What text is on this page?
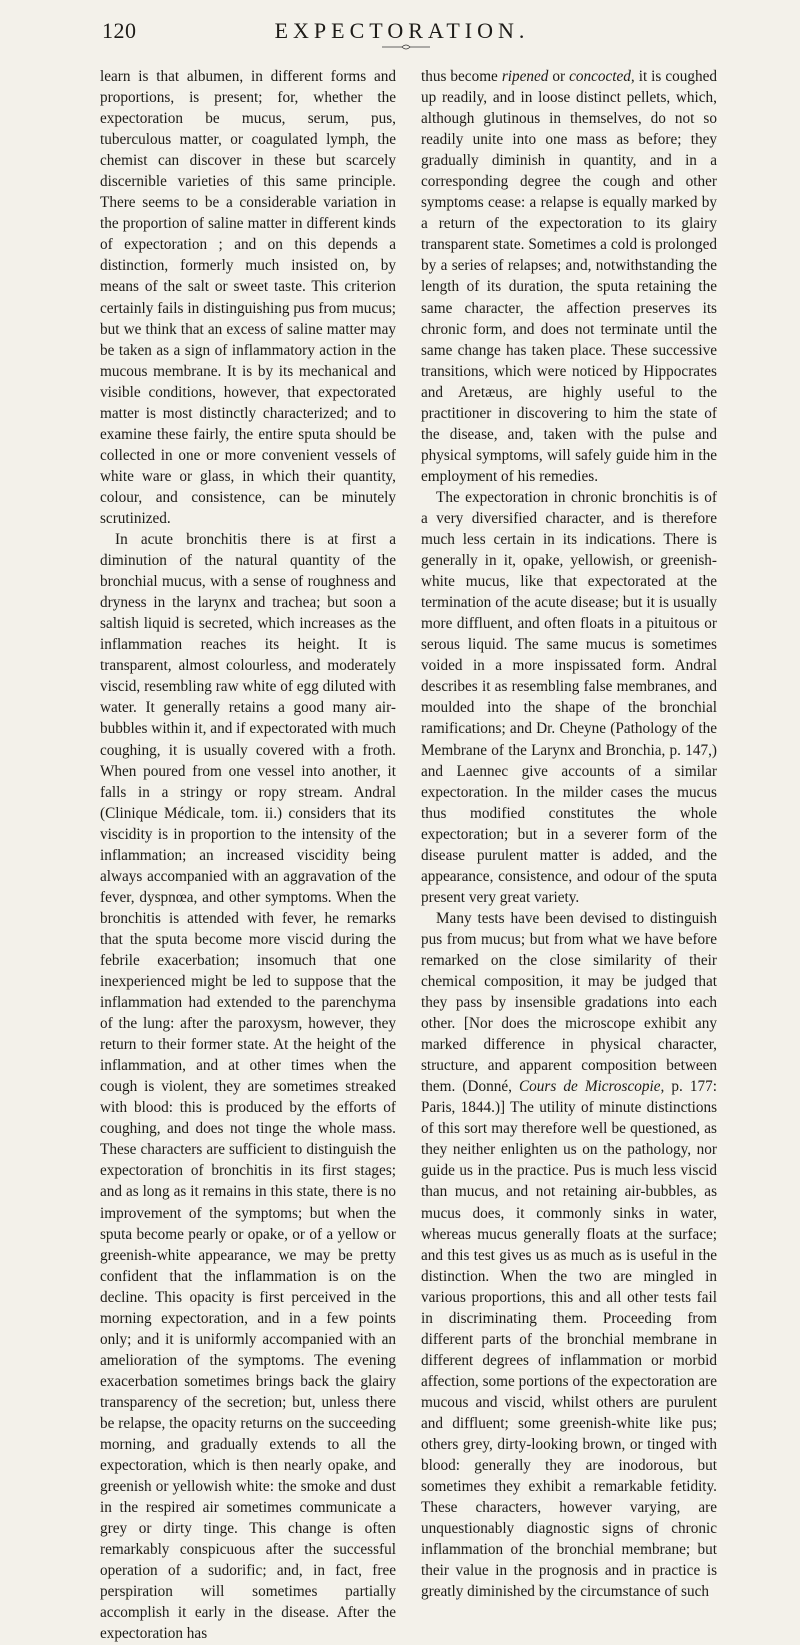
120	EXPECTORATION.

learn is that albumen, in different forms and proportions, is present; for, whether the expectoration be mucus, serum, pus, tuberculous matter, or coagulated lymph, the chemist can discover in these but scarcely discernible varieties of this same principle. There seems to be a considerable variation in the proportion of saline matter in different kinds of expectoration ; and on this depends a distinction, formerly much insisted on, by means of the salt or sweet taste. This criterion certainly fails in distinguishing pus from mucus; but we think that an excess of saline matter may be taken as a sign of inflammatory action in the mucous membrane. It is by its mechanical and visible conditions, however, that expectorated matter is most distinctly characterized; and to examine these fairly, the entire sputa should be collected in one or more convenient vessels of white ware or glass, in which their quantity, colour, and consistence, can be minutely scrutinized.

In acute bronchitis there is at first a diminution of the natural quantity of the bronchial mucus, with a sense of roughness and dryness in the larynx and trachea; but soon a saltish liquid is secreted, which increases as the inflammation reaches its height. It is transparent, almost colourless, and moderately viscid, resembling raw white of egg diluted with water. It generally retains a good many air-bubbles within it, and if expectorated with much coughing, it is usually covered with a froth. When poured from one vessel into another, it falls in a stringy or ropy stream. Andral (Clinique Médicale, tom. ii.) considers that its viscidity is in proportion to the intensity of the inflammation; an increased viscidity being always accompanied with an aggravation of the fever, dyspnœa, and other symptoms. When the bronchitis is attended with fever, he remarks that the sputa become more viscid during the febrile exacerbation; insomuch that one inexperienced might be led to suppose that the inflammation had extended to the parenchyma of the lung: after the paroxysm, however, they return to their former state. At the height of the inflammation, and at other times when the cough is violent, they are sometimes streaked with blood: this is produced by the efforts of coughing, and does not tinge the whole mass. These characters are sufficient to distinguish the expectoration of bronchitis in its first stages; and as long as it remains in this state, there is no improvement of the symptoms; but when the sputa become pearly or opake, or of a yellow or greenish-white appearance, we may be pretty confident that the inflammation is on the decline. This opacity is first perceived in the morning expectoration, and in a few points only; and it is uniformly accompanied with an amelioration of the symptoms. The evening exacerbation sometimes brings back the glairy transparency of the secretion; but, unless there be relapse, the opacity returns on the succeeding morning, and gradually extends to all the expectoration, which is then nearly opake, and greenish or yellowish white: the smoke and dust in the respired air sometimes communicate a grey or dirty tinge. This change is often remarkably conspicuous after the successful operation of a sudorific; and, in fact, free perspiration will sometimes partially accomplish it early in the disease. After the expectoration has

thus become ripened or concocted, it is coughed up readily, and in loose distinct pellets, which, although glutinous in themselves, do not so readily unite into one mass as before; they gradually diminish in quantity, and in a corresponding degree the cough and other symptoms cease: a relapse is equally marked by a return of the expectoration to its glairy transparent state. Sometimes a cold is prolonged by a series of relapses; and, notwithstanding the length of its duration, the sputa retaining the same character, the affection preserves its chronic form, and does not terminate until the same change has taken place. These successive transitions, which were noticed by Hippocrates and Aretæus, are highly useful to the practitioner in discovering to him the state of the disease, and, taken with the pulse and physical symptoms, will safely guide him in the employment of his remedies.

The expectoration in chronic bronchitis is of a very diversified character, and is therefore much less certain in its indications. There is generally in it, opake, yellowish, or greenish-white mucus, like that expectorated at the termination of the acute disease; but it is usually more diffluent, and often floats in a pituitous or serous liquid. The same mucus is sometimes voided in a more inspissated form. Andral describes it as resembling false membranes, and moulded into the shape of the bronchial ramifications; and Dr. Cheyne (Pathology of the Membrane of the Larynx and Bronchia, p. 147,) and Laennec give accounts of a similar expectoration. In the milder cases the mucus thus modified constitutes the whole expectoration; but in a severer form of the disease purulent matter is added, and the appearance, consistence, and odour of the sputa present very great variety.

Many tests have been devised to distinguish pus from mucus; but from what we have before remarked on the close similarity of their chemical composition, it may be judged that they pass by insensible gradations into each other. [Nor does the microscope exhibit any marked difference in physical character, structure, and apparent composition between them. (Donné, Cours de Microscopie, p. 177: Paris, 1844.)] The utility of minute distinctions of this sort may therefore well be questioned, as they neither enlighten us on the pathology, nor guide us in the practice. Pus is much less viscid than mucus, and not retaining air-bubbles, as mucus does, it commonly sinks in water, whereas mucus generally floats at the surface; and this test gives us as much as is useful in the distinction. When the two are mingled in various proportions, this and all other tests fail in discriminating them. Proceeding from different parts of the bronchial membrane in different degrees of inflammation or morbid affection, some portions of the expectoration are mucous and viscid, whilst others are purulent and diffluent; some greenish-white like pus; others grey, dirty-looking brown, or tinged with blood: generally they are inodorous, but sometimes they exhibit a remarkable fetidity. These characters, however varying, are unquestionably diagnostic signs of chronic inflammation of the bronchial membrane; but their value in the prognosis and in practice is greatly diminished by the circumstance of such
